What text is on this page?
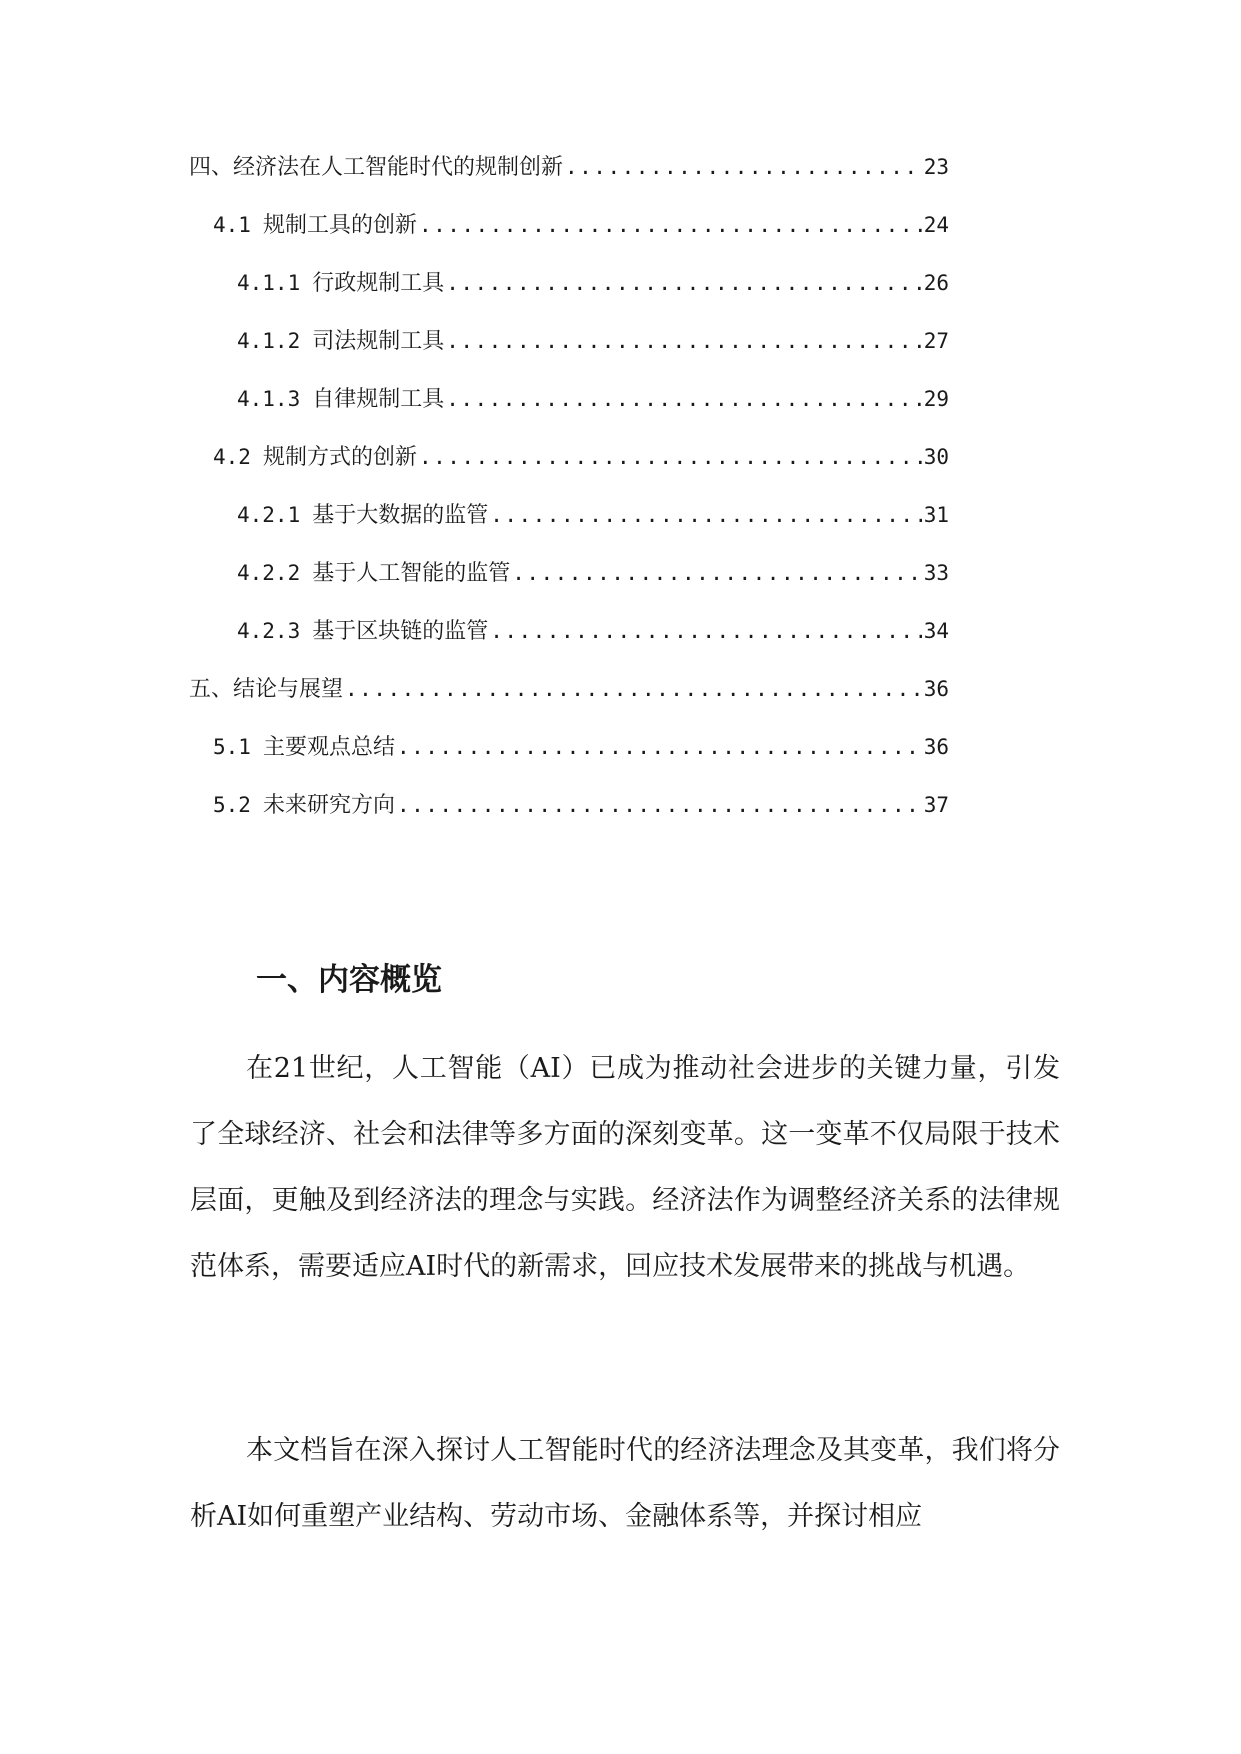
四、经济法在人工智能时代的规制创新 .....	23
4.1 规制工具的创新 .....	24
4.1.1 行政规制工具 .....	26
4.1.2 司法规制工具 .....	27
4.1.3 自律规制工具 .....	29
4.2 规制方式的创新 .....	30
4.2.1 基于大数据的监管 .....	31
4.2.2 基于人工智能的监管 .....	33
4.2.3 基于区块链的监管 .....	34
五、结论与展望 .....	36
5.1 主要观点总结 .....	36
5.2 未来研究方向 .....	37
一、内容概览

在21世纪，人工智能（AI）已成为推动社会进步的关键力量，引发了全球经济、社会和法律等多方面的深刻变革。这一变革不仅局限于技术层面，更触及到经济法的理念与实践。经济法作为调整经济关系的法律规范体系，需要适应AI时代的新需求，回应技术发展带来的挑战与机遇。

本文档旨在深入探讨人工智能时代的经济法理念及其变革，我们将分析AI如何重塑产业结构、劳动市场、金融体系等，并探讨相应
